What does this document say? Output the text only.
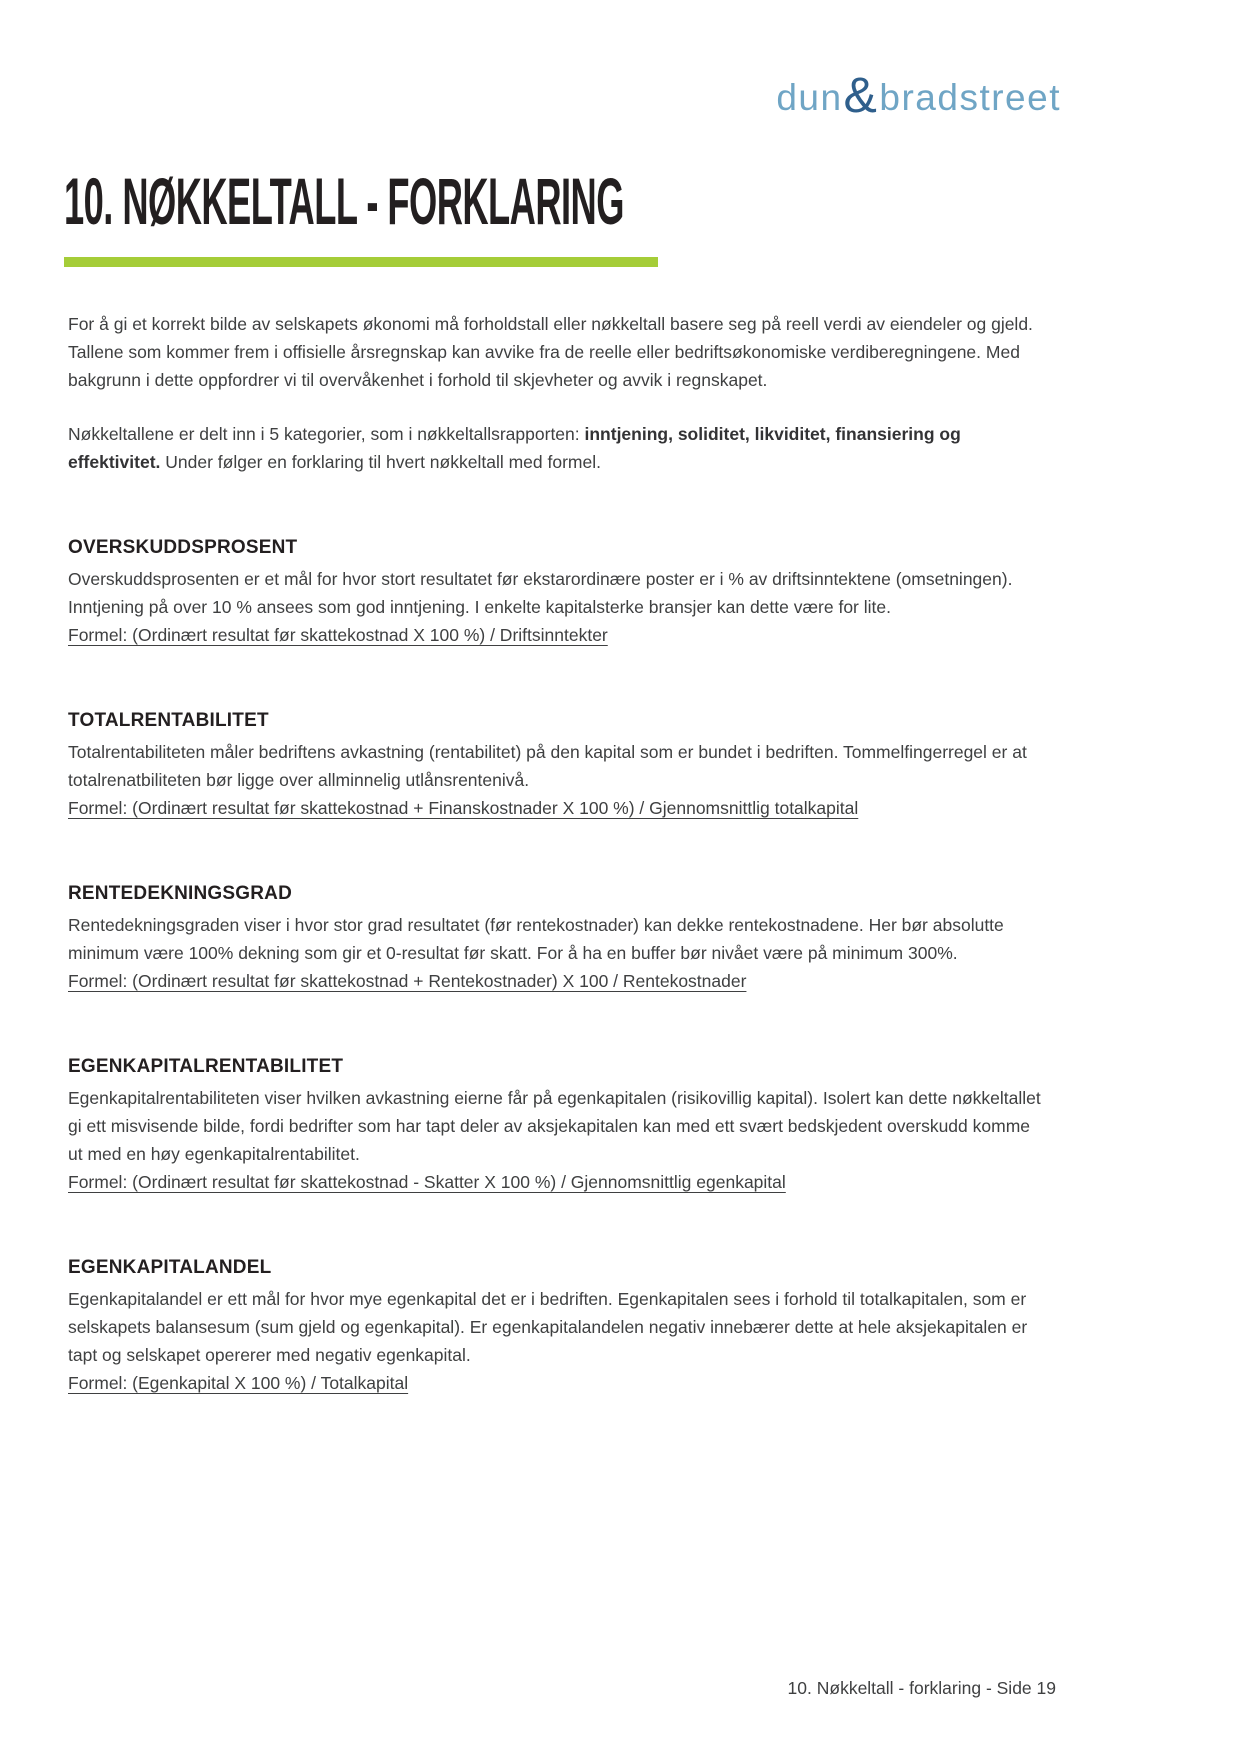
dun & bradstreet
10. NØKKELTALL - FORKLARING

For å gi et korrekt bilde av selskapets økonomi må forholdstall eller nøkkeltall basere seg på reell verdi av eiendeler og gjeld. Tallene som kommer frem i offisielle årsregnskap kan avvike fra de reelle eller bedriftsøkonomiske verdiberegningene. Med bakgrunn i dette oppfordrer vi til overvåkenhet i forhold til skjevheter og avvik i regnskapet.

Nøkkeltallene er delt inn i 5 kategorier, som i nøkkeltallsrapporten: inntjening, soliditet, likviditet, finansiering og effektivitet. Under følger en forklaring til hvert nøkkeltall med formel.

OVERSKUDDSPROSENT
Overskuddsprosenten er et mål for hvor stort resultatet før ekstarordinære poster er i % av driftsinntektene (omsetningen). Inntjening på over 10 % ansees som god inntjening. I enkelte kapitalsterke bransjer kan dette være for lite.
Formel: (Ordinært resultat før skattekostnad X 100 %) / Driftsinntekter
TOTALRENTABILITET
Totalrentabiliteten måler bedriftens avkastning (rentabilitet) på den kapital som er bundet i bedriften. Tommelfingerregel er at totalrenatbiliteten bør ligge over allminnelig utlånsrentenivå.
Formel: (Ordinært resultat før skattekostnad + Finanskostnader X 100 %) / Gjennomsnittlig totalkapital
RENTEDEKNINGSGRAD
Rentedekningsgraden viser i hvor stor grad resultatet (før rentekostnader) kan dekke rentekostnadene. Her bør absolutte minimum være 100% dekning som gir et 0-resultat før skatt. For å ha en buffer bør nivået være på minimum 300%.
Formel: (Ordinært resultat før skattekostnad + Rentekostnader) X 100 / Rentekostnader
EGENKAPITALRENTABILITET
Egenkapitalrentabiliteten viser hvilken avkastning eierne får på egenkapitalen (risikovillig kapital). Isolert kan dette nøkkeltallet gi ett misvisende bilde, fordi bedrifter som har tapt deler av aksjekapitalen kan med ett svært bedskjedent overskudd komme ut med en høy egenkapitalrentabilitet.
Formel: (Ordinært resultat før skattekostnad - Skatter X 100 %) / Gjennomsnittlig egenkapital
EGENKAPITALANDEL
Egenkapitalandel er ett mål for hvor mye egenkapital det er i bedriften. Egenkapitalen sees i forhold til totalkapitalen, som er selskapets balansesum (sum gjeld og egenkapital). Er egenkapitalandelen negativ innebærer dette at hele aksjekapitalen er tapt og selskapet opererer med negativ egenkapital.
Formel: (Egenkapital X 100 %) / Totalkapital
10. Nøkkeltall - forklaring - Side 19
